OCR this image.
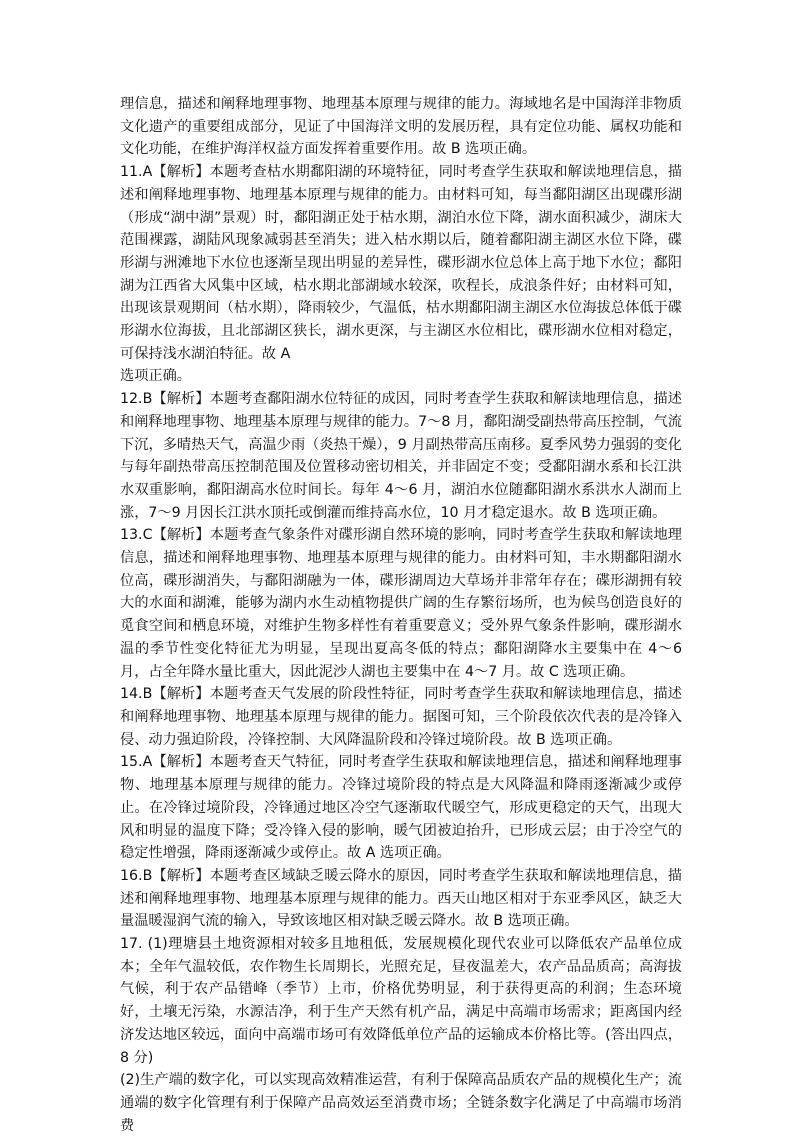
理信息，描述和阐释地理事物、地理基本原理与规律的能力。海域地名是中国海洋非物质文化遗产的重要组成部分，见证了中国海洋文明的发展历程，具有定位功能、属权功能和文化功能，在维护海洋权益方面发挥着重要作用。故 B 选项正确。

11.A【解析】本题考查枯水期鄱阳湖的环境特征，同时考查学生获取和解读地理信息，描述和阐释地理事物、地理基本原理与规律的能力。由材料可知，每当鄱阳湖区出现碟形湖（形成“湖中湖”景观）时，鄱阳湖正处于枯水期，湖泊水位下降，湖水面积减少，湖床大范围裸露，湖陆风现象减弱甚至消失；进入枯水期以后，随着鄱阳湖主湖区水位下降，碟形湖与洲滩地下水位也逐渐呈现出明显的差异性，碟形湖水位总体上高于地下水位；鄱阳湖为江西省大风集中区域，枯水期北部湖域水较深，吹程长，成浪条件好；由材料可知，出现该景观期间（枯水期），降雨较少，气温低，枯水期鄱阳湖主湖区水位海拔总体低于碟形湖水位海拔，且北部湖区狭长，湖水更深，与主湖区水位相比，碟形湖水位相对稳定，可保持浅水湖泊特征。故 A

选项正确。

12.B【解析】本题考查鄱阳湖水位特征的成因，同时考查学生获取和解读地理信息，描述和阐释地理事物、地理基本原理与规律的能力。7～8 月，鄱阳湖受副热带高压控制，气流下沉，多晴热天气，高温少雨（炎热干燥），9 月副热带高压南移。夏季风势力强弱的变化与每年副热带高压控制范围及位置移动密切相关，并非固定不变；受鄱阳湖水系和长江洪水双重影响，鄱阳湖高水位时间长。每年 4～6 月，湖泊水位随鄱阳湖水系洪水人湖而上涨，7～9 月因长江洪水顶托或倒灌而维持高水位，10 月才稳定退水。故 B 选项正确。

13.C【解析】本题考查气象条件对碟形湖自然环境的影响，同时考查学生获取和解读地理信息，描述和阐释地理事物、地理基本原理与规律的能力。由材料可知，丰水期鄱阳湖水位高，碟形湖消失，与鄱阳湖融为一体，碟形湖周边大草场并非常年存在；碟形湖拥有较大的水面和湖滩，能够为湖内水生动植物提供广阔的生存繁衍场所，也为候鸟创造良好的觅食空间和栖息环境，对维护生物多样性有着重要意义；受外界气象条件影响，碟形湖水温的季节性变化特征尤为明显，呈现出夏高冬低的特点；鄱阳湖降水主要集中在 4～6 月，占全年降水量比重大，因此泥沙人湖也主要集中在 4～7 月。故 C 选项正确。

14.B【解析】本题考查天气发展的阶段性特征，同时考查学生获取和解读地理信息，描述和阐释地理事物、地理基本原理与规律的能力。据图可知，三个阶段依次代表的是冷锋入侵、动力强迫阶段，冷锋控制、大风降温阶段和冷锋过境阶段。故 B 选项正确。

15.A【解析】本题考查天气特征，同时考查学生获取和解读地理信息，描述和阐释地理事物、地理基本原理与规律的能力。冷锋过境阶段的特点是大风降温和降雨逐渐减少或停止。在冷锋过境阶段，冷锋通过地区冷空气逐渐取代暖空气，形成更稳定的天气，出现大风和明显的温度下降；受冷锋入侵的影响，暖气团被迫抬升，已形成云层；由于冷空气的稳定性增强，降雨逐渐减少或停止。故 A 选项正确。

16.B【解析】本题考查区域缺乏暖云降水的原因，同时考查学生获取和解读地理信息，描述和阐释地理事物、地理基本原理与规律的能力。西天山地区相对于东亚季风区，缺乏大量温暖湿润气流的输入，导致该地区相对缺乏暖云降水。故 B 选项正确。

17. (1)理塘县土地资源相对较多且地租低，发展规模化现代农业可以降低农产品单位成本；全年气温较低，农作物生长周期长，光照充足，昼夜温差大，农产品品质高；高海拔气候，利于农产品错峰（季节）上市，价格优势明显，利于获得更高的利润；生态环境好，土壤无污染，水源洁净，利于生产天然有机产品，满足中高端市场需求；距离国内经济发达地区较远，面向中高端市场可有效降低单位产品的运输成本价格比等。(答出四点，8 分)

(2)生产端的数字化，可以实现高效精准运营，有利于保障高品质农产品的规模化生产；流通端的数字化管理有利于保障产品高效运至消费市场；全链条数字化满足了中高端市场消费
